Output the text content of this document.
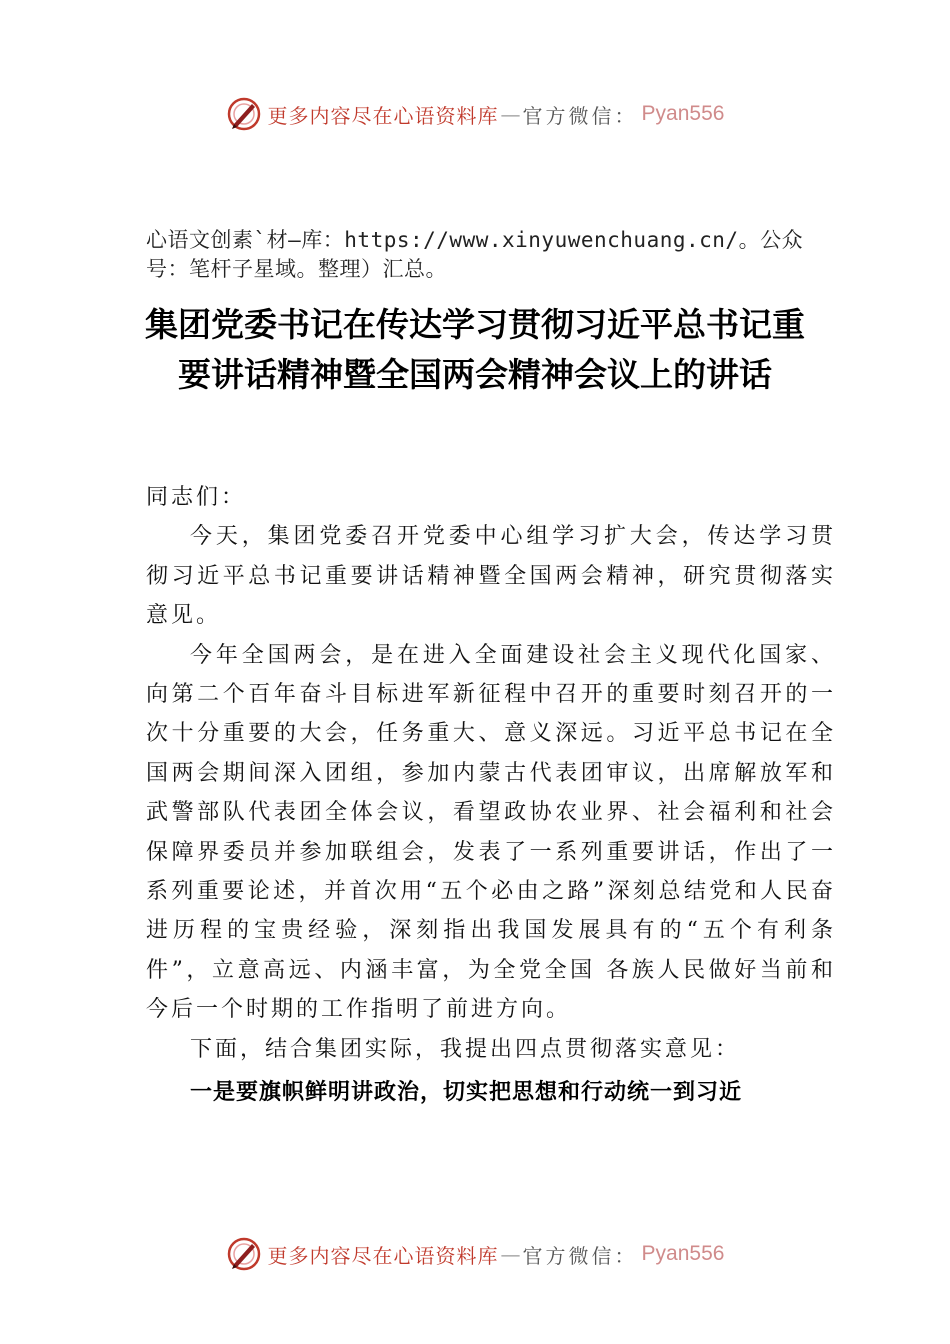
更多内容尽在心语资料库 — 官方微信： Pyan556
心语文创素`材—库：https://www.xinyuwenchuang.cn/。公众号：笔杆子星域。整理）汇总。
集团党委书记在传达学习贯彻习近平总书记重要讲话精神暨全国两会精神会议上的讲话

同志们：

今天，集团党委召开党委中心组学习扩大会，传达学习贯彻习近平总书记重要讲话精神暨全国两会精神，研究贯彻落实意见。

今年全国两会，是在进入全面建设社会主义现代化国家、向第二个百年奋斗目标进军新征程中召开的重要时刻召开的一次十分重要的大会，任务重大、意义深远。习近平总书记在全国两会期间深入团组，参加内蒙古代表团审议，出席解放军和武警部队代表团全体会议，看望政协农业界、社会福利和社会保障界委员并参加联组会，发表了一系列重要讲话，作出了一系列重要论述，并首次用“五个必由之路”深刻总结党和人民奋进历程的宝贵经验，深刻指出我国发展具有的“五个有利条件”，立意高远、内涵丰富，为全党全国 各族人民做好当前和今后一个时期的工作指明了前进方向。

下面，结合集团实际，我提出四点贯彻落实意见：

一是要旗帜鲜明讲政治，切实把思想和行动统一到习近

更多内容尽在心语资料库 — 官方微信： Pyan556
